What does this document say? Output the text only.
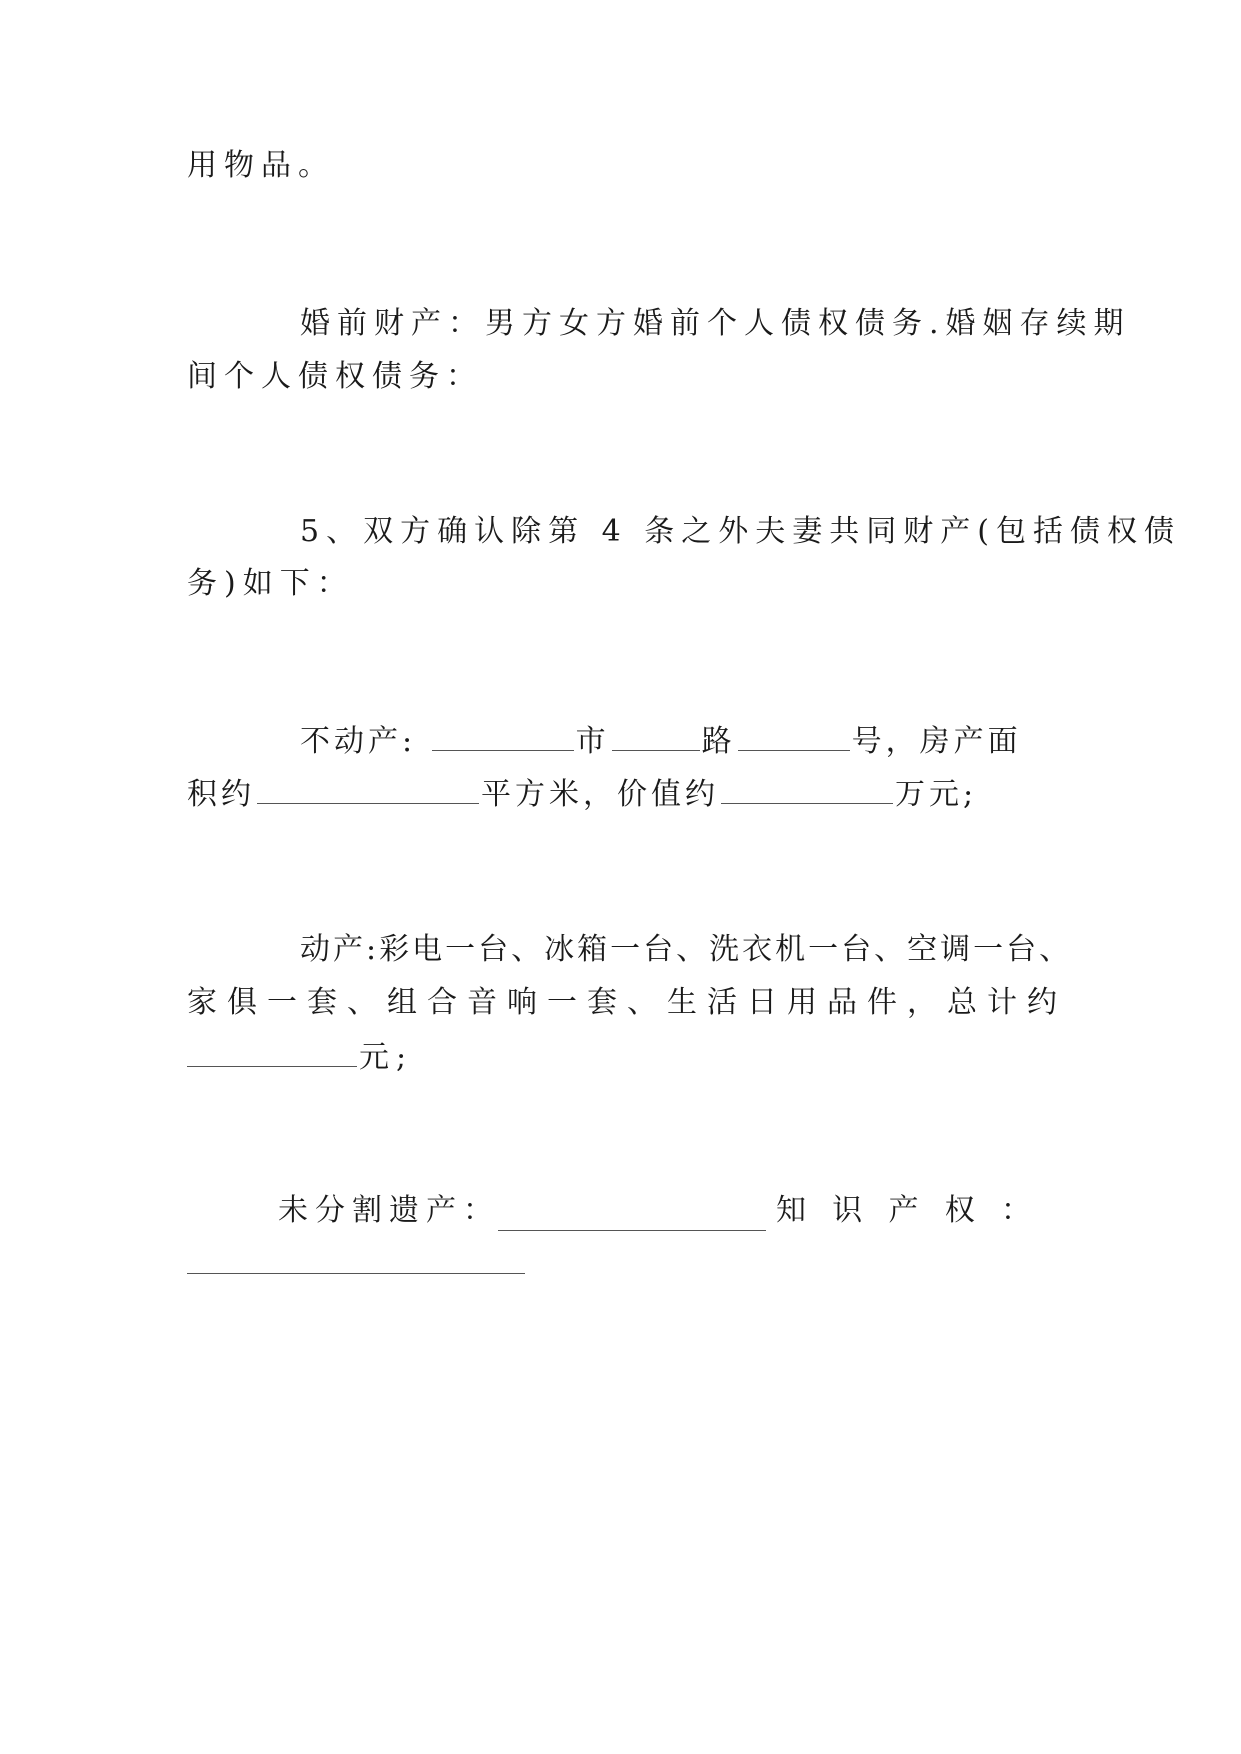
用物品。
婚前财产：男方女方婚前个人债权债务.婚姻存续期
间个人债权债务：
5、双方确认除第 4 条之外夫妻共同财产(包括债权债
务)如下：
不动产:	市	路	号，房产面
积约	平方米，价值约	万元;
动产:彩电一台、冰箱一台、洗衣机一台、空调一台、
家 俱 一 套 、 组 合 音 响 一 套 、 生 活 日 用 品 件 ， 总 计 约
元;
未 分 割 遗 产 ：	知 识 产 权 ：
